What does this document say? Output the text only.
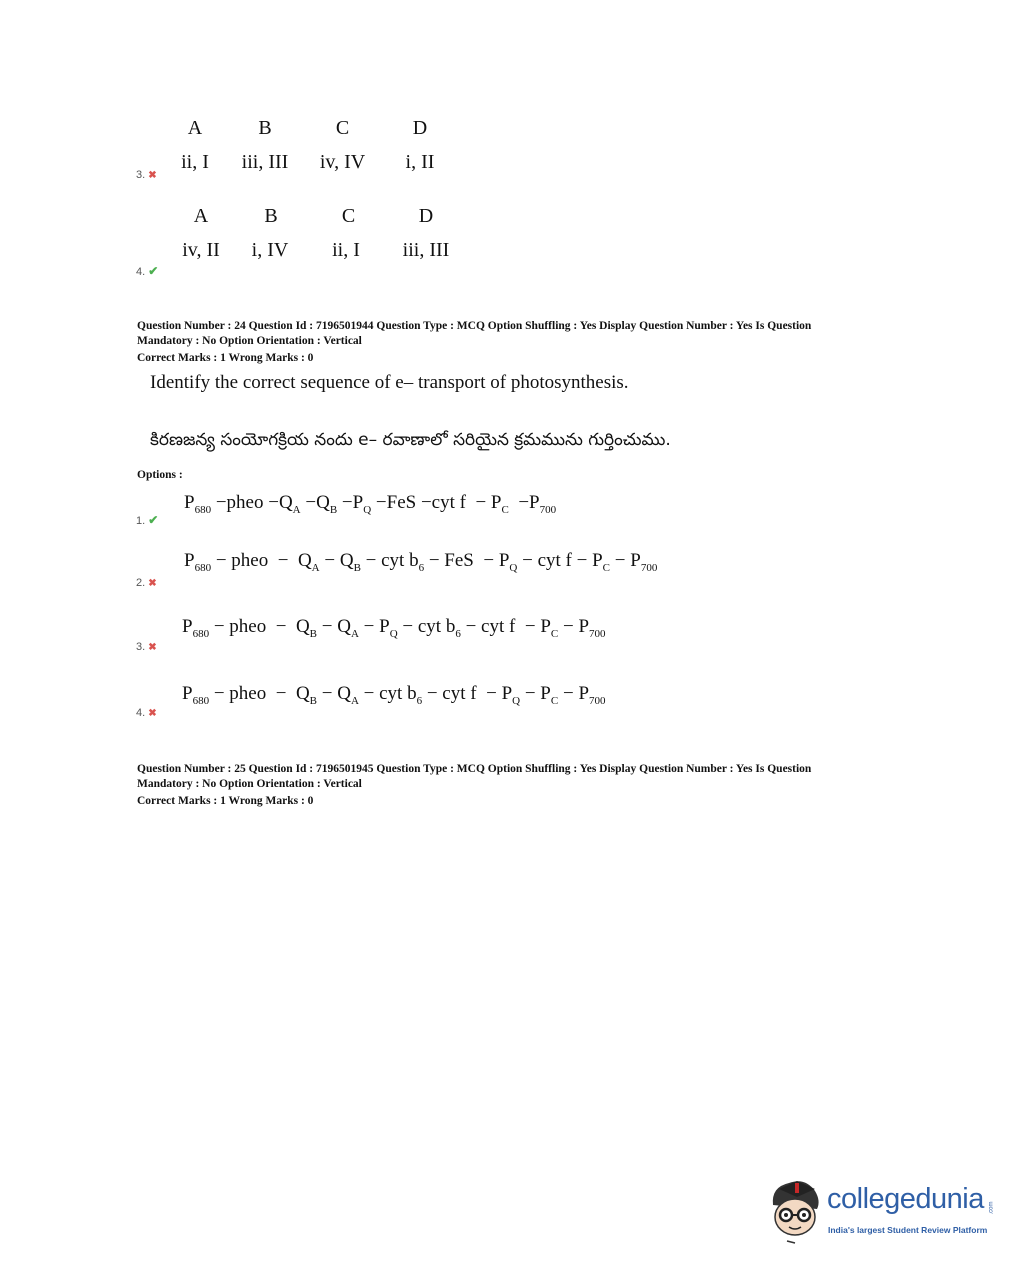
A	B	C	D
ii, I	iii, III	iv, IV	i, II
3. ✖
A	B	C	D
iv, II	i, IV	ii, I	iii, III
4. ✔
Question Number : 24 Question Id : 7196501944 Question Type : MCQ Option Shuffling : Yes Display Question Number : Yes Is Question
Mandatory : No Option Orientation : Vertical
Correct Marks : 1 Wrong Marks : 0
Identify the correct sequence of e– transport of photosynthesis.
కిరణజన్య సంయోగక్రియ నందు e– రవాణాలో సరియైన క్రమమును గుర్తించుము.
Options :
$P_{680}$ −pheo $-Q_A -Q_B -P_Q -FeS -cyt$ $f - P_C -P_{700}$
1. ✔
$P_{680}$ − pheo  −  $Q_A - Q_B$ − cyt $b_6$ − FeS  − $P_Q$ − cyt $f - P_C - P_{700}$
2. ✖
$P_{680}$ − pheo  −  $Q_B - Q_A - P_Q$ − cyt $b_6$ − cyt $f - P_C - P_{700}$
3. ✖
$P_{680}$ − pheo  −  $Q_B - Q_A$ − cyt $b_6$ − cyt $f - P_Q - P_C - P_{700}$
4. ✖
Question Number : 25 Question Id : 7196501945 Question Type : MCQ Option Shuffling : Yes Display Question Number : Yes Is Question
Mandatory : No Option Orientation : Vertical
Correct Marks : 1 Wrong Marks : 0
collegedunia .com
India's largest Student Review Platform
